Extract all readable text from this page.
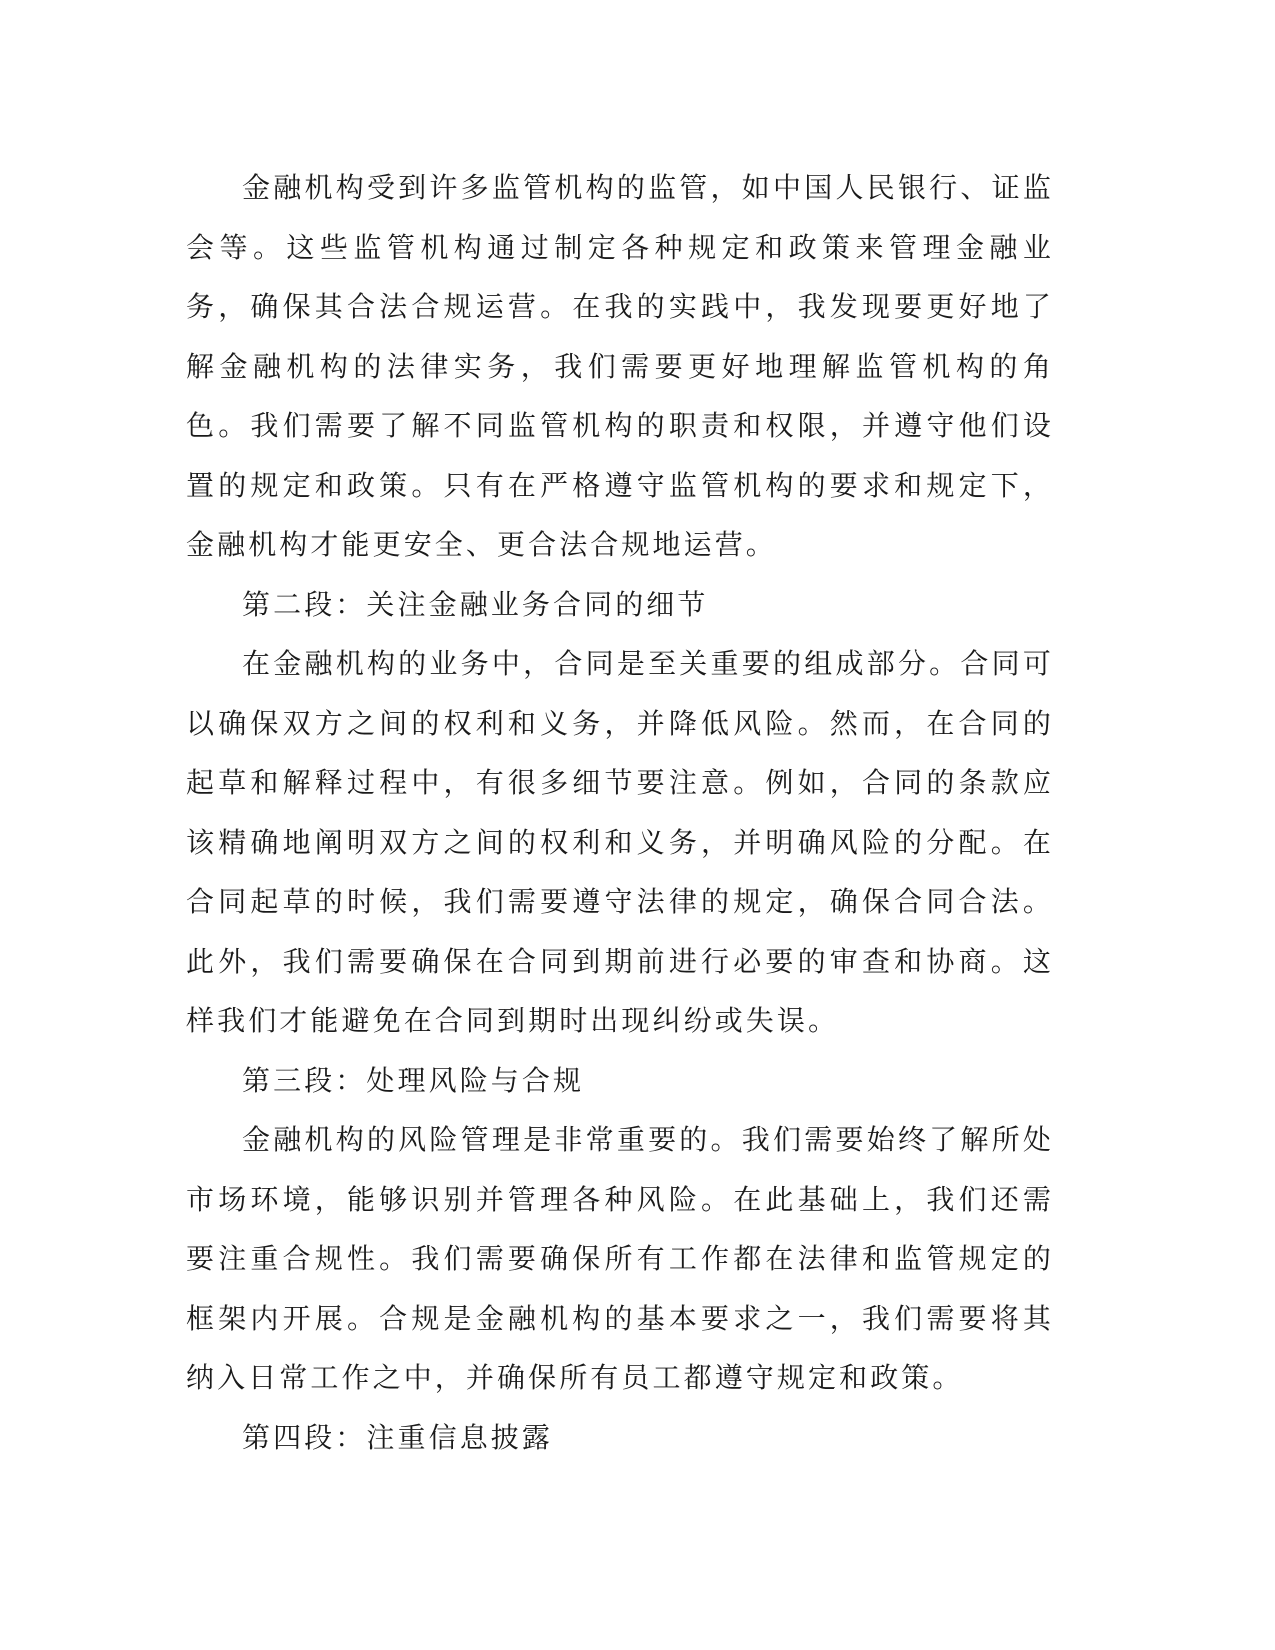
金融机构受到许多监管机构的监管，如中国人民银行、证监会等。这些监管机构通过制定各种规定和政策来管理金融业务，确保其合法合规运营。在我的实践中，我发现要更好地了解金融机构的法律实务，我们需要更好地理解监管机构的角色。我们需要了解不同监管机构的职责和权限，并遵守他们设置的规定和政策。只有在严格遵守监管机构的要求和规定下，金融机构才能更安全、更合法合规地运营。

第二段：关注金融业务合同的细节

在金融机构的业务中，合同是至关重要的组成部分。合同可以确保双方之间的权利和义务，并降低风险。然而，在合同的起草和解释过程中，有很多细节要注意。例如，合同的条款应该精确地阐明双方之间的权利和义务，并明确风险的分配。在合同起草的时候，我们需要遵守法律的规定，确保合同合法。此外，我们需要确保在合同到期前进行必要的审查和协商。这样我们才能避免在合同到期时出现纠纷或失误。

第三段：处理风险与合规

金融机构的风险管理是非常重要的。我们需要始终了解所处市场环境，能够识别并管理各种风险。在此基础上，我们还需要注重合规性。我们需要确保所有工作都在法律和监管规定的框架内开展。合规是金融机构的基本要求之一，我们需要将其纳入日常工作之中，并确保所有员工都遵守规定和政策。

第四段：注重信息披露
